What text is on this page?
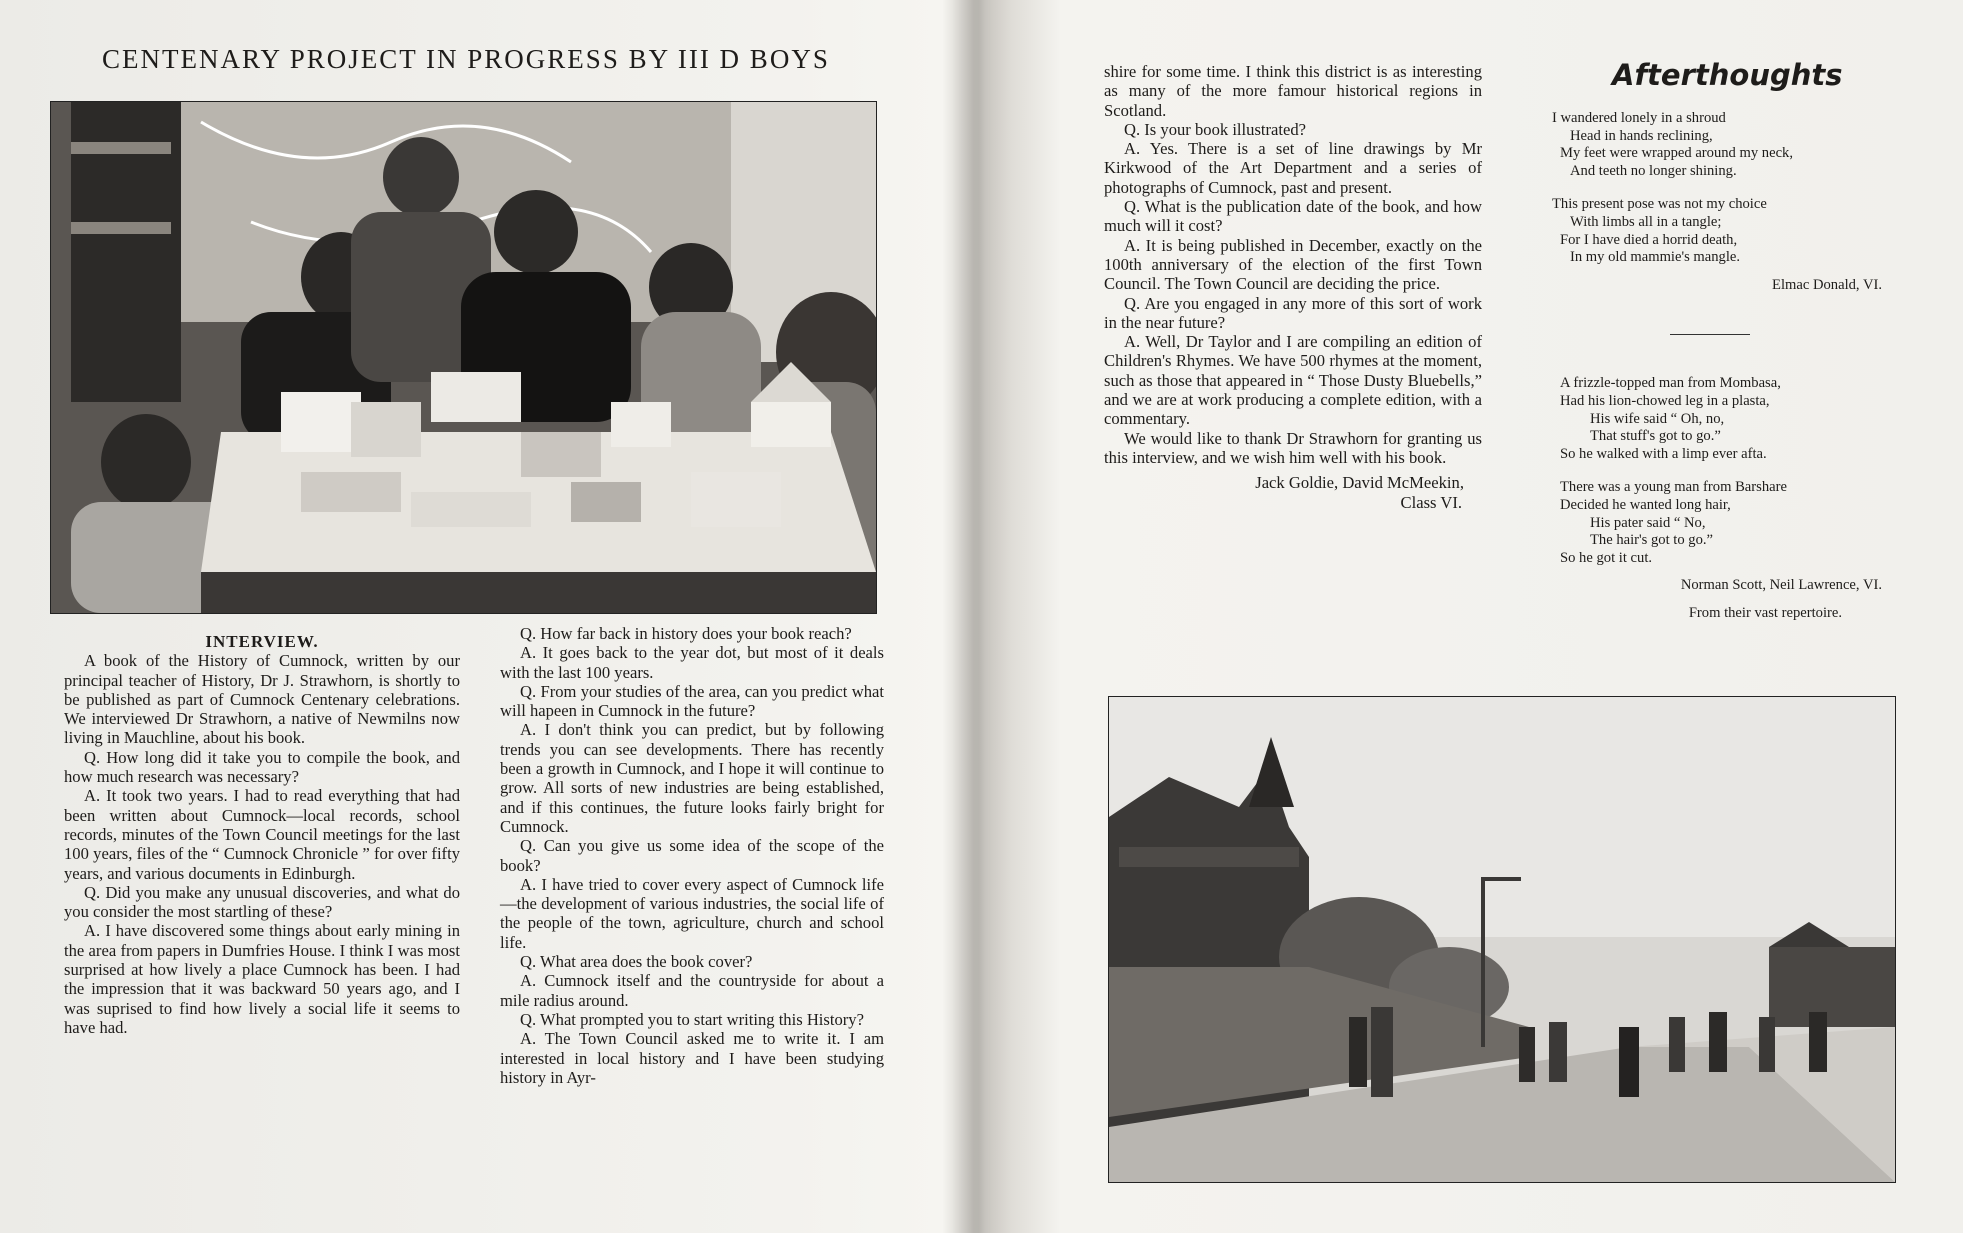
CENTENARY PROJECT IN PROGRESS BY III D BOYS

INTERVIEW.

A book of the History of Cumnock, written by our principal teacher of History, Dr J. Strawhorn, is shortly to be published as part of Cumnock Centenary celebrations. We interviewed Dr Strawhorn, a native of Newmilns now living in Mauchline, about his book.

Q. How long did it take you to compile the book, and how much research was necessary?

A. It took two years. I had to read everything that had been written about Cumnock—local records, school records, minutes of the Town Council meetings for the last 100 years, files of the “ Cumnock Chronicle ” for over fifty years, and various documents in Edinburgh.

Q. Did you make any unusual discoveries, and what do you consider the most startling of these?

A. I have discovered some things about early mining in the area from papers in Dumfries House. I think I was most surprised at how lively a place Cumnock has been. I had the impression that it was backward 50 years ago, and I was suprised to find how lively a social life it seems to have had.

Q. How far back in history does your book reach?

A. It goes back to the year dot, but most of it deals with the last 100 years.

Q. From your studies of the area, can you predict what will hapeen in Cumnock in the future?

A. I don't think you can predict, but by following trends you can see developments. There has recently been a growth in Cumnock, and I hope it will continue to grow. All sorts of new industries are being established, and if this continues, the future looks fairly bright for Cumnock.

Q. Can you give us some idea of the scope of the book?

A. I have tried to cover every aspect of Cumnock life—the development of various industries, the social life of the people of the town, agriculture, church and school life.

Q. What area does the book cover?

A. Cumnock itself and the countryside for about a mile radius around.

Q. What prompted you to start writing this History?

A. The Town Council asked me to write it. I am interested in local history and I have been studying history in Ayr-

shire for some time. I think this district is as interesting as many of the more famour historical regions in Scotland.

Q. Is your book illustrated?

A. Yes. There is a set of line drawings by Mr Kirkwood of the Art Department and a series of photographs of Cumnock, past and present.

Q. What is the publication date of the book, and how much will it cost?

A. It is being published in December, exactly on the 100th anniversary of the election of the first Town Council. The Town Council are deciding the price.

Q. Are you engaged in any more of this sort of work in the near future?

A. Well, Dr Taylor and I are compiling an edition of Children's Rhymes. We have 500 rhymes at the moment, such as those that appeared in “ Those Dusty Bluebells,” and we are at work producing a complete edition, with a commentary.

We would like to thank Dr Strawhorn for granting us this interview, and we wish him well with his book.

Jack Goldie, David McMeekin,

Class VI.

Afterthoughts
I wandered lonely in a shroud
Head in hands reclining,
My feet were wrapped around my neck,
And teeth no longer shining.
This present pose was not my choice
With limbs all in a tangle;
For I have died a horrid death,
In my old mammie's mangle.

Elmac Donald, VI.

A frizzle-topped man from Mombasa,
Had his lion-chowed leg in a plasta,
His wife said “ Oh, no,
That stuff's got to go.”
So he walked with a limp ever afta.
There was a young man from Barshare
Decided he wanted long hair,
His pater said “ No,
The hair's got to go.”
So he got it cut.

Norman Scott, Neil Lawrence, VI.

From their vast repertoire.
